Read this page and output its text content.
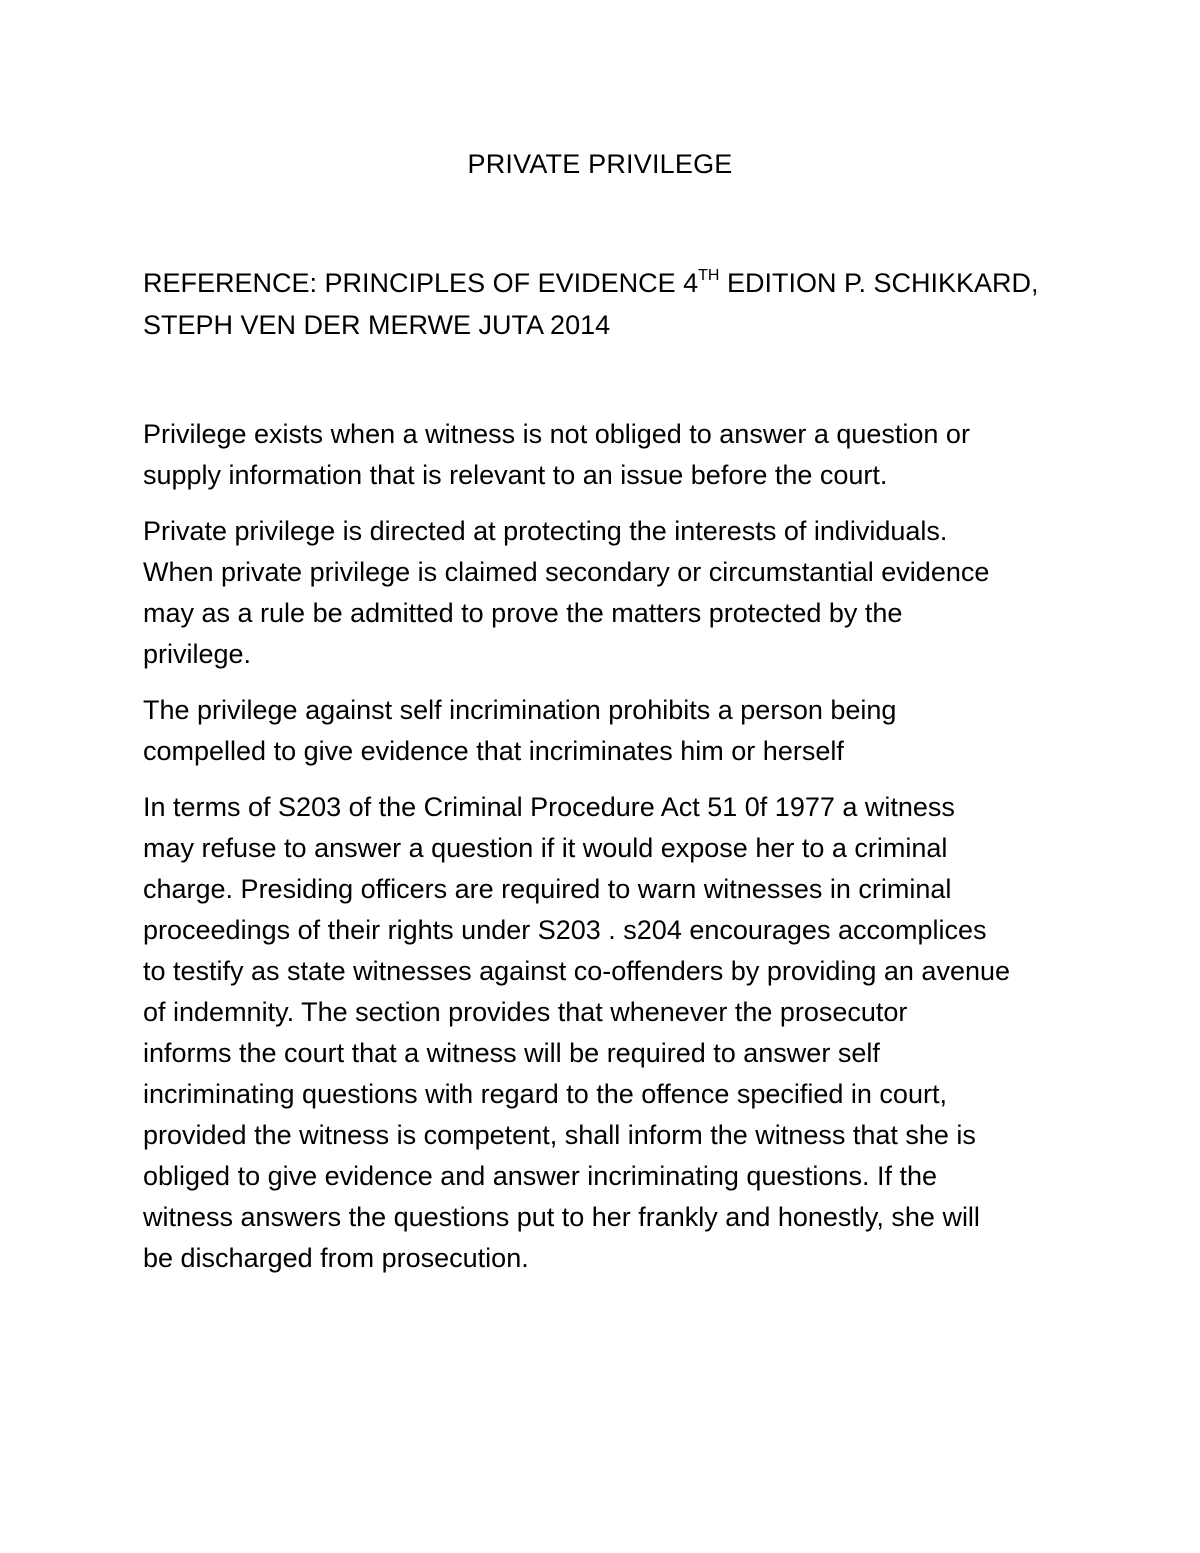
PRIVATE PRIVILEGE
REFERENCE: PRINCIPLES OF EVIDENCE 4TH EDITION P. SCHIKKARD,
STEPH VEN DER MERWE JUTA 2014

Privilege exists when a witness is not obliged to answer a question or
supply information that is relevant to an issue before the court.

Private privilege is directed at protecting the interests of individuals.
When private privilege is claimed secondary or circumstantial evidence
may as a rule be admitted to prove the matters protected by the
privilege.

The privilege against self incrimination prohibits a person being
compelled to give evidence that incriminates him or herself

In terms of S203 of the Criminal Procedure Act 51 0f 1977 a witness
may refuse to answer a question if it would expose her to a criminal
charge. Presiding officers are required to warn witnesses in criminal
proceedings of their rights under S203 . s204 encourages accomplices
to testify as state witnesses against co-offenders by providing an avenue
of indemnity. The section provides that whenever the prosecutor
informs the court that a witness will be required to answer self
incriminating questions with regard to the offence specified in court,
provided the witness is competent, shall inform the witness that she is
obliged to give evidence and answer incriminating questions. If the
witness answers the questions put to her frankly and honestly, she will
be discharged from prosecution.
